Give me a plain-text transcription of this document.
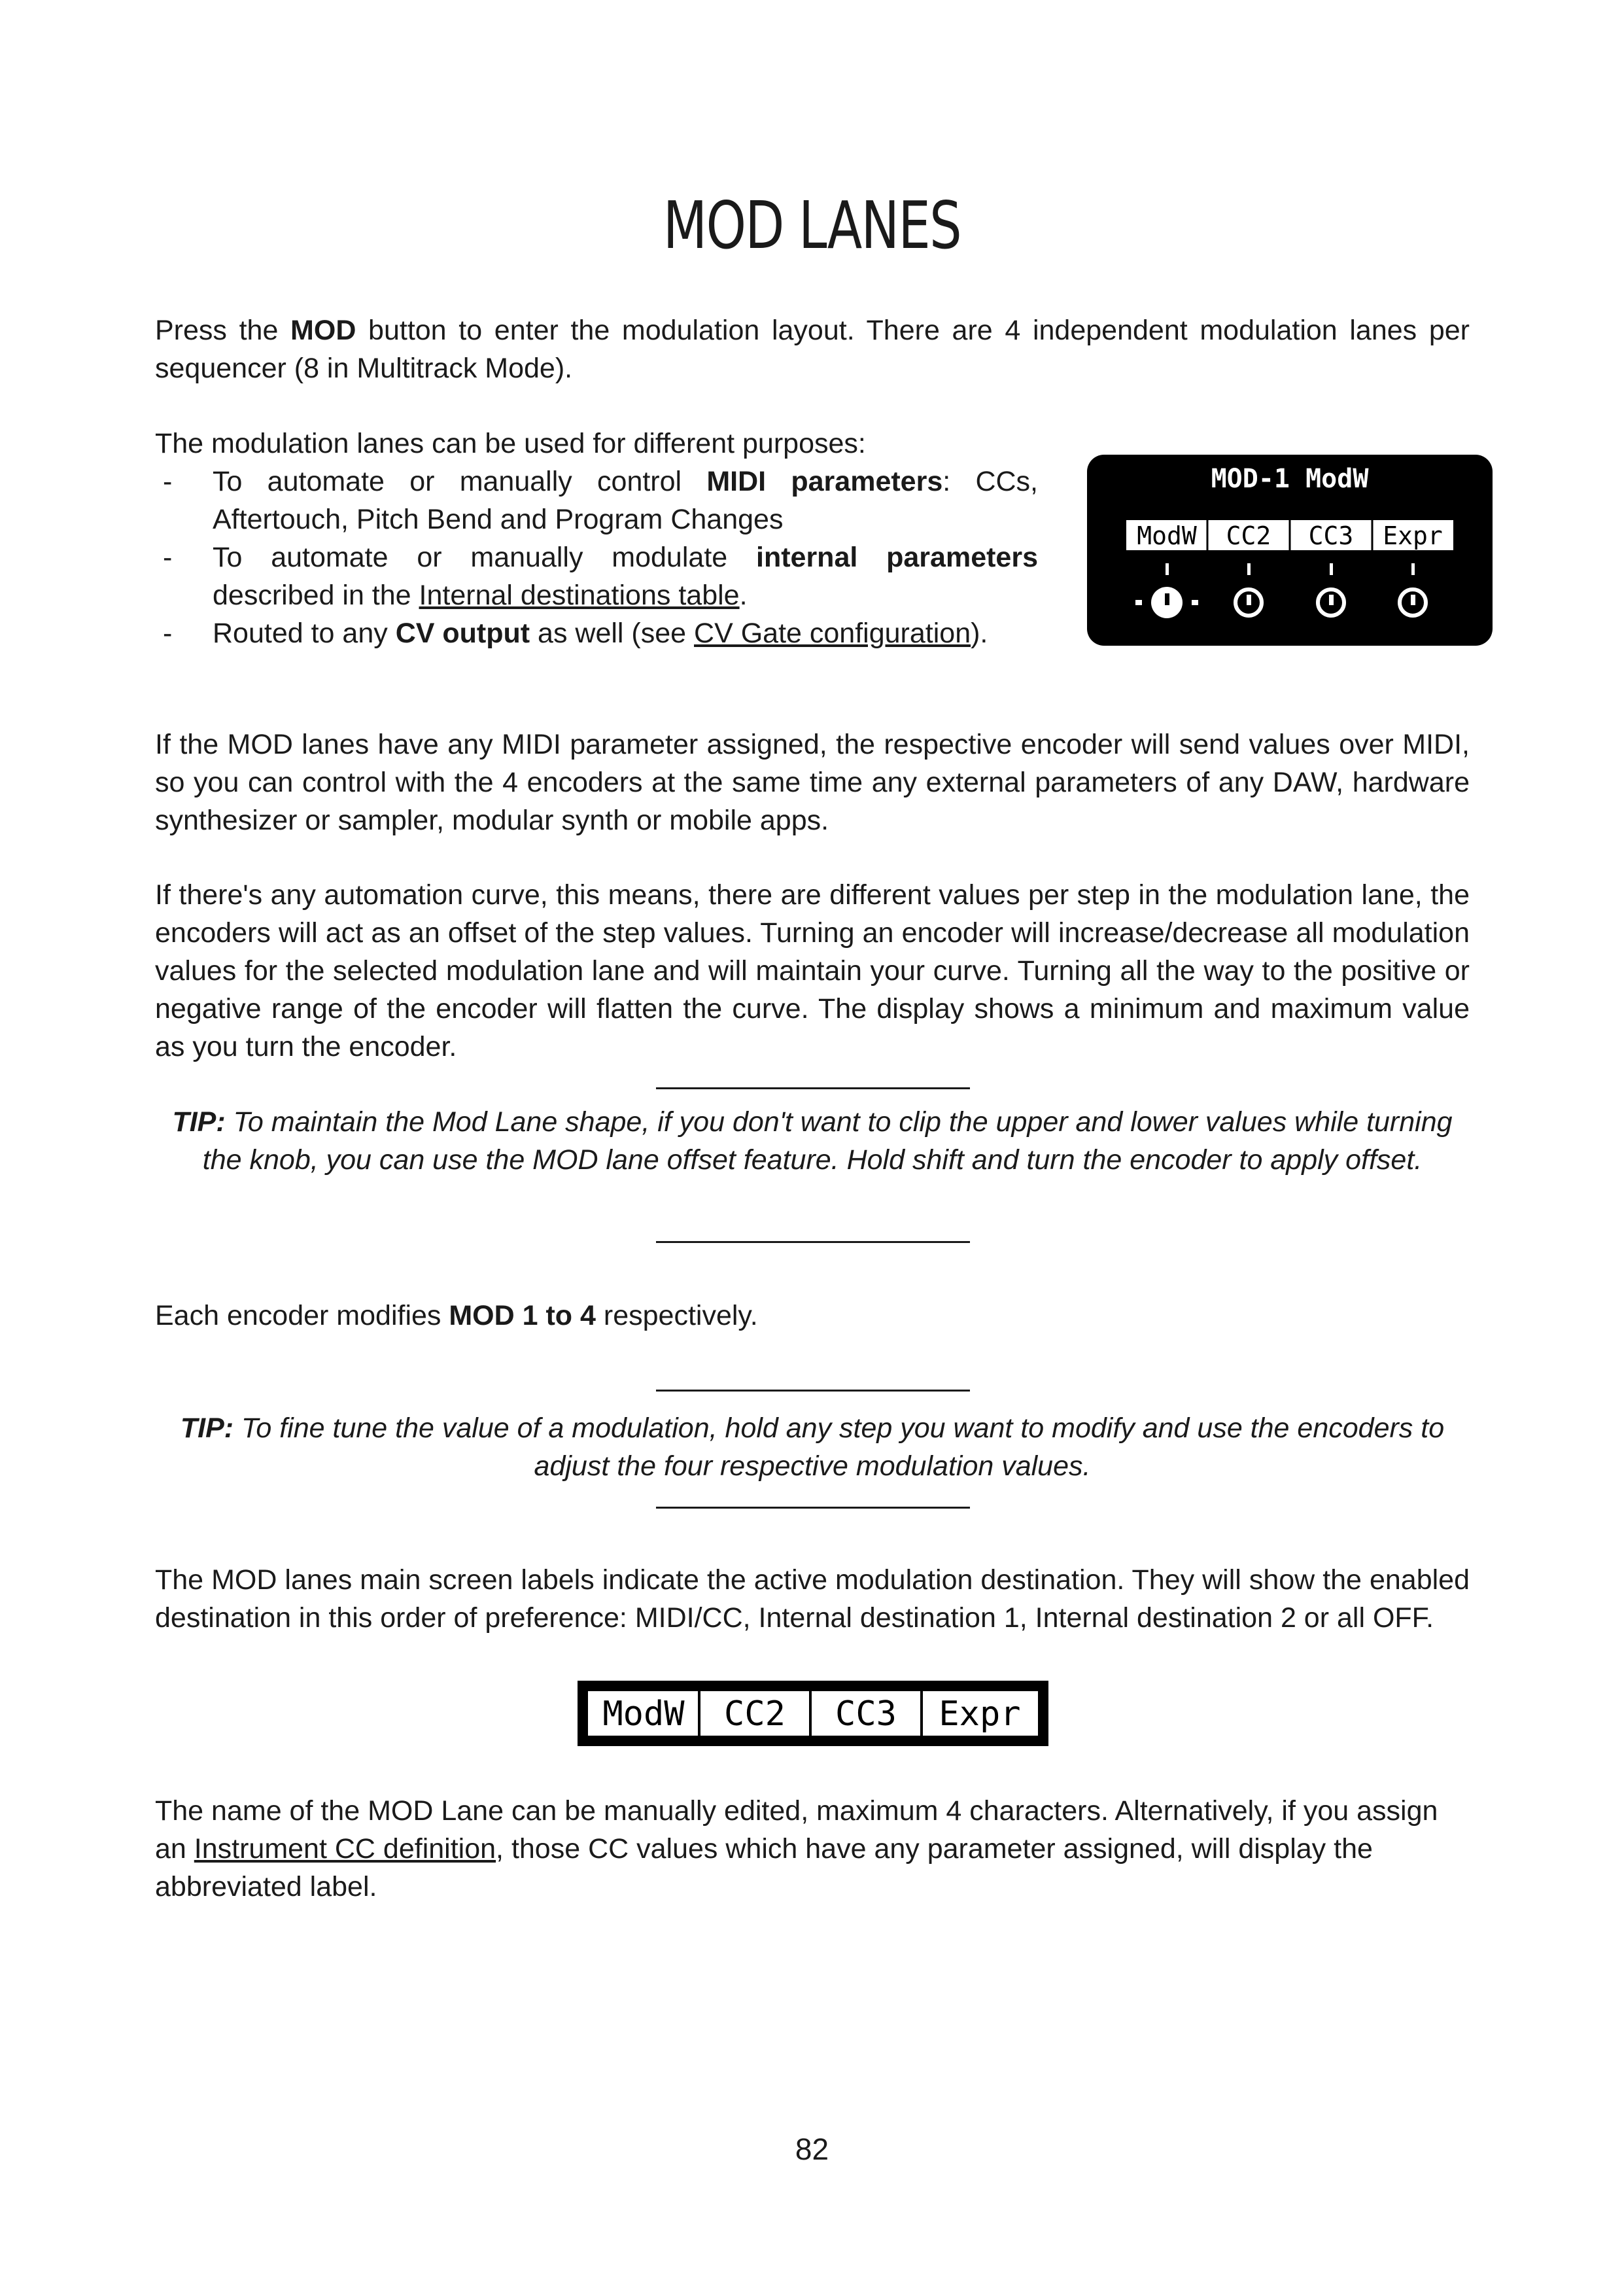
MOD LANES

Press the MOD button to enter the modulation layout. There are 4 independent modulation lanes per sequencer (8 in Multitrack Mode).

The modulation lanes can be used for different purposes:

- To automate or manually control MIDI parameters: CCs, Aftertouch, Pitch Bend and Program Changes
- To automate or manually modulate internal parameters described in the Internal destinations table.
- Routed to any CV output as well (see CV Gate configuration).
MOD-1 ModW
ModW CC2 CC3 Expr

If the MOD lanes have any MIDI parameter assigned, the respective encoder will send values over MIDI, so you can control with the 4 encoders at the same time any external parameters of any DAW, hardware synthesizer or sampler, modular synth or mobile apps.

If there's any automation curve, this means, there are different values per step in the modulation lane, the encoders will act as an offset of the step values. Turning an encoder will increase/decrease all modulation values for the selected modulation lane and will maintain your curve. Turning all the way to the positive or negative range of the encoder will flatten the curve. The display shows a minimum and maximum value as you turn the encoder.

TIP: To maintain the Mod Lane shape, if you don't want to clip the upper and lower values while turning the knob, you can use the MOD lane offset feature. Hold shift and turn the encoder to apply offset.

Each encoder modifies MOD 1 to 4 respectively.

TIP: To fine tune the value of a modulation, hold any step you want to modify and use the encoders to adjust the four respective modulation values.

The MOD lanes main screen labels indicate the active modulation destination. They will show the enabled destination in this order of preference: MIDI/CC, Internal destination 1, Internal destination 2 or all OFF.

ModW CC2 CC3 Expr

The name of the MOD Lane can be manually edited, maximum 4 characters. Alternatively, if you assign an Instrument CC definition, those CC values which have any parameter assigned, will display the abbreviated label.

82
